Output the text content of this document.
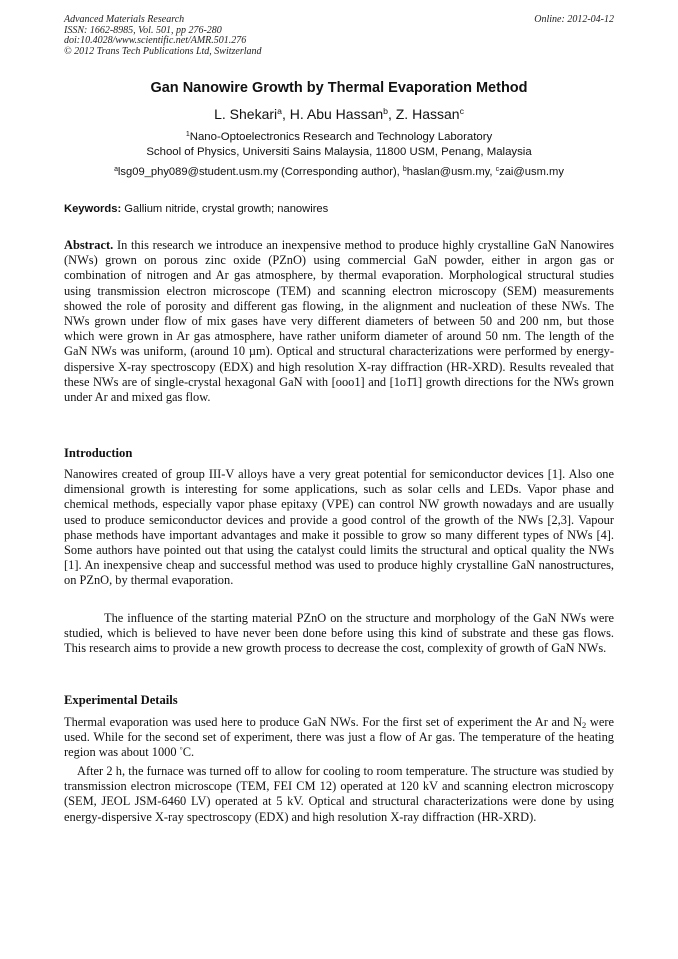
Advanced Materials Research
ISSN: 1662-8985, Vol. 501, pp 276-280
doi:10.4028/www.scientific.net/AMR.501.276
© 2012 Trans Tech Publications Ltd, Switzerland
Online: 2012-04-12
Gan Nanowire Growth by Thermal Evaporation Method
L. Shekari$^a$, H. Abu Hassan$^b$, Z. Hassan$^c$
$^1$Nano-Optoelectronics Research and Technology Laboratory
School of Physics, Universiti Sains Malaysia, 11800 USM, Penang, Malaysia
$^a$lsg09_phy089@student.usm.my (Corresponding author), $^b$haslan@usm.my, $^c$zai@usm.my
Keywords: Gallium nitride, crystal growth; nanowires

Abstract. In this research we introduce an inexpensive method to produce highly crystalline GaN Nanowires (NWs) grown on porous zinc oxide (PZnO) using commercial GaN powder, either in argon gas or combination of nitrogen and Ar gas atmosphere, by thermal evaporation. Morphological structural studies using transmission electron microscope (TEM) and scanning electron microscopy (SEM) measurements showed the role of porosity and different gas flowing, in the alignment and nucleation of these NWs. The NWs grown under flow of mix gases have very different diameters of between 50 and 200 nm, but those which were grown in Ar gas atmosphere, have rather uniform diameter of around 50 nm. The length of the GaN NWs was uniform, (around 10 µm). Optical and structural characterizations were performed by energy-dispersive X-ray spectroscopy (EDX) and high resolution X-ray diffraction (HR-XRD). Results revealed that these NWs are of single-crystal hexagonal GaN with [ooo1] and [1o1̄1] growth directions for the NWs grown under Ar and mixed gas flow.

Introduction

Nanowires created of group III-V alloys have a very great potential for semiconductor devices [1]. Also one dimensional growth is interesting for some applications, such as solar cells and LEDs. Vapor phase and chemical methods, especially vapor phase epitaxy (VPE) can control NW growth nowadays and are usually used to produce semiconductor devices and provide a good control of the growth of the NWs [2,3]. Vapour phase methods have important advantages and make it possible to grow so many different types of NWs [4]. Some authors have pointed out that using the catalyst could limits the structural and optical quality the NWs [1]. An inexpensive cheap and successful method was used to produce highly crystalline GaN nanostructures, on PZnO, by thermal evaporation.

The influence of the starting material PZnO on the structure and morphology of the GaN NWs were studied, which is believed to have never been done before using this kind of substrate and these gas flows. This research aims to provide a new growth process to decrease the cost, complexity of growth of GaN NWs.

Experimental Details

Thermal evaporation was used here to produce GaN NWs. For the first set of experiment the Ar and $N_2$ were used. While for the second set of experiment, there was just a flow of Ar gas. The temperature of the heating region was about 1000 °C.

After 2 h, the furnace was turned off to allow for cooling to room temperature. The structure was studied by transmission electron microscope (TEM, FEI CM 12) operated at 120 kV and scanning electron microscopy (SEM, JEOL JSM-6460 LV) operated at 5 kV. Optical and structural characterizations were done by using energy-dispersive X-ray spectroscopy (EDX) and high resolution X-ray diffraction (HR-XRD).
